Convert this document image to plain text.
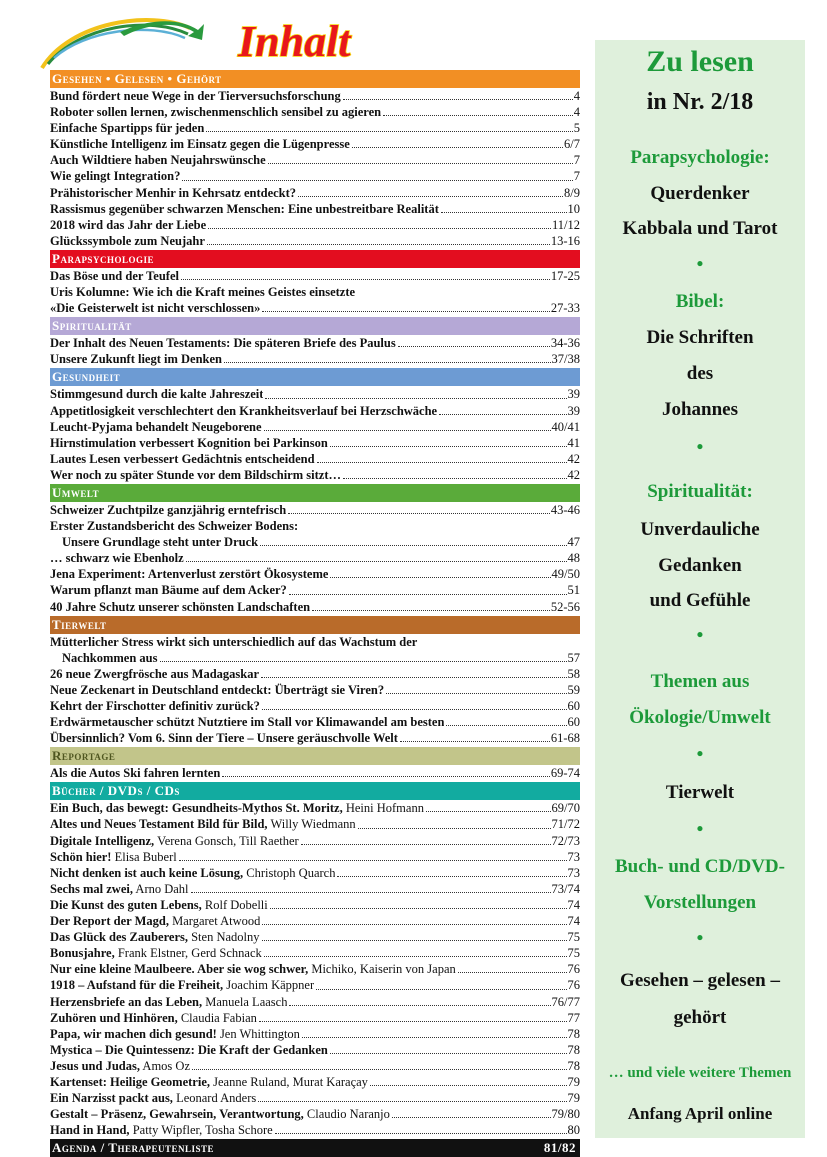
Inhalt
Gesehen • Gelesen • Gehört
Bund fördert neue Wege in der Tierversuchsforschung	4
Roboter sollen lernen, zwischenmenschlich sensibel zu agieren	4
Einfache Spartipps für jeden	5
Künstliche Intelligenz im Einsatz gegen die Lügenpresse	6/7
Auch Wildtiere haben Neujahrswünsche	7
Wie gelingt Integration?	7
Prähistorischer Menhir in Kehrsatz entdeckt?	8/9
Rassismus gegenüber schwarzen Menschen: Eine unbestreitbare Realität	10
2018 wird das Jahr der Liebe	11/12
Glückssymbole zum Neujahr	13-16
Parapsychologie
Das Böse und der Teufel	17-25
Uris Kolumne: Wie ich die Kraft meines Geistes einsetzte
«Die Geisterwelt ist nicht verschlossen»	27-33
Spiritualität
Der Inhalt des Neuen Testaments: Die späteren Briefe des Paulus	34-36
Unsere Zukunft liegt im Denken	37/38
Gesundheit
Stimmgesund durch die kalte Jahreszeit	39
Appetitlosigkeit verschlechtert den Krankheitsverlauf bei Herzschwäche	39
Leucht-Pyjama behandelt Neugeborene	40/41
Hirnstimulation verbessert Kognition bei Parkinson	41
Lautes Lesen verbessert Gedächtnis entscheidend	42
Wer noch zu später Stunde vor dem Bildschirm sitzt…	42
Umwelt
Schweizer Zuchtpilze ganzjährig erntefrisch	43-46
Erster Zustandsbericht des Schweizer Bodens:
Unsere Grundlage steht unter Druck	47
… schwarz wie Ebenholz	48
Jena Experiment: Artenverlust zerstört Ökosysteme	49/50
Warum pflanzt man Bäume auf dem Acker?	51
40 Jahre Schutz unserer schönsten Landschaften	52-56
Tierwelt
Mütterlicher Stress wirkt sich unterschiedlich auf das Wachstum der
Nachkommen aus	57
26 neue Zwergfrösche aus Madagaskar	58
Neue Zeckenart in Deutschland entdeckt: Überträgt sie Viren?	59
Kehrt der Firschotter definitiv zurück?	60
Erdwärmetauscher schützt Nutztiere im Stall vor Klimawandel am besten	60
Übersinnlich? Vom 6. Sinn der Tiere – Unsere geräuschvolle Welt	61-68
Reportage
Als die Autos Ski fahren lernten	69-74
Bücher / DVDs / CDs
Ein Buch, das bewegt: Gesundheits-Mythos St. Moritz, Heini Hofmann	69/70
Altes und Neues Testament Bild für Bild, Willy Wiedmann	71/72
Digitale Intelligenz, Verena Gonsch, Till Raether	72/73
Schön hier! Elisa Buberl	73
Nicht denken ist auch keine Lösung, Christoph Quarch	73
Sechs mal zwei, Arno Dahl	73/74
Die Kunst des guten Lebens, Rolf Dobelli	74
Der Report der Magd, Margaret Atwood	74
Das Glück des Zauberers, Sten Nadolny	75
Bonusjahre, Frank Elstner, Gerd Schnack	75
Nur eine kleine Maulbeere. Aber sie wog schwer, Michiko, Kaiserin von Japan	76
1918 – Aufstand für die Freiheit, Joachim Käppner	76
Herzensbriefe an das Leben, Manuela Laasch	76/77
Zuhören und Hinhören, Claudia Fabian	77
Papa, wir machen dich gesund! Jen Whittington	78
Mystica – Die Quintessenz: Die Kraft der Gedanken	78
Jesus und Judas, Amos Oz	78
Kartenset: Heilige Geometrie, Jeanne Ruland, Murat Karaçay	79
Ein Narzisst packt aus, Leonard Anders	79
Gestalt – Präsenz, Gewahrsein, Verantwortung, Claudio Naranjo	79/80
Hand in Hand, Patty Wipfler, Tosha Schore	80
Agenda / Therapeutenliste	81/82
Zu lesen
in Nr. 2/18
Parapsychologie:
Querdenker
Kabbala und Tarot
•
Bibel:
Die Schriften
des
Johannes
•
Spiritualität:
Unverdauliche
Gedanken
und Gefühle
•
Themen aus
Ökologie/Umwelt
•
Tierwelt
•
Buch- und CD/DVD-
Vorstellungen
•
Gesehen – gelesen –
gehört
… und viele weitere Themen
Anfang April online
